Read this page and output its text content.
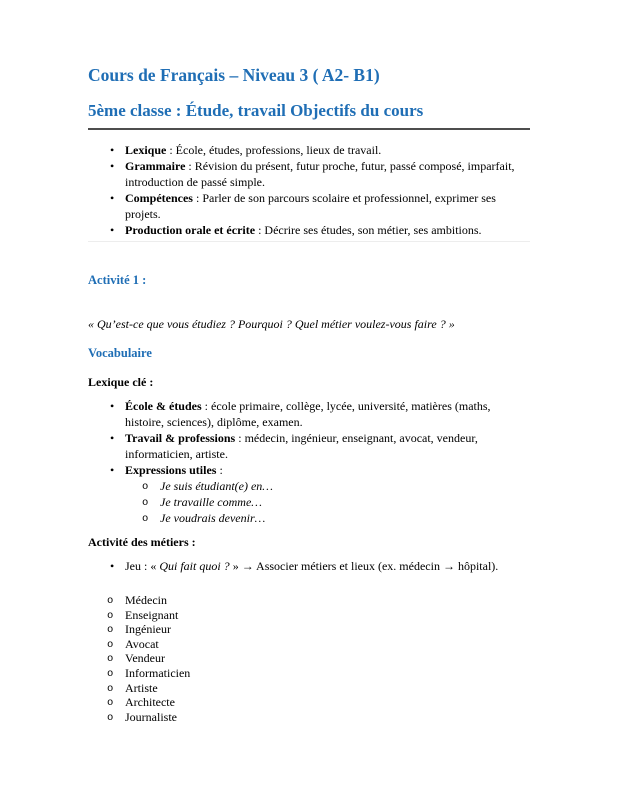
Cours de Français – Niveau 3 ( A2- B1)
5ème classe : Étude, travail Objectifs du cours
• Lexique : École, études, professions, lieux de travail.
• Grammaire : Révision du présent, futur proche, futur, passé composé, imparfait, introduction de passé simple.
• Compétences : Parler de son parcours scolaire et professionnel, exprimer ses projets.
• Production orale et écrite : Décrire ses études, son métier, ses ambitions.

Activité 1 :

« Qu’est-ce que vous étudiez ? Pourquoi ? Quel métier voulez-vous faire ? »

Vocabulaire

Lexique clé :

• École & études : école primaire, collège, lycée, université, matières (maths, histoire, sciences), diplôme, examen.
• Travail & professions : médecin, ingénieur, enseignant, avocat, vendeur, informaticien, artiste.
• Expressions utiles :
o Je suis étudiant(e) en…
o Je travaille comme…
o Je voudrais devenir…

Activité des métiers :

• Jeu : « Qui fait quoi ? » → Associer métiers et lieux (ex. médecin → hôpital).
o Médecin
o Enseignant
o Ingénieur
o Avocat
o Vendeur
o Informaticien
o Artiste
o Architecte
o Journaliste
